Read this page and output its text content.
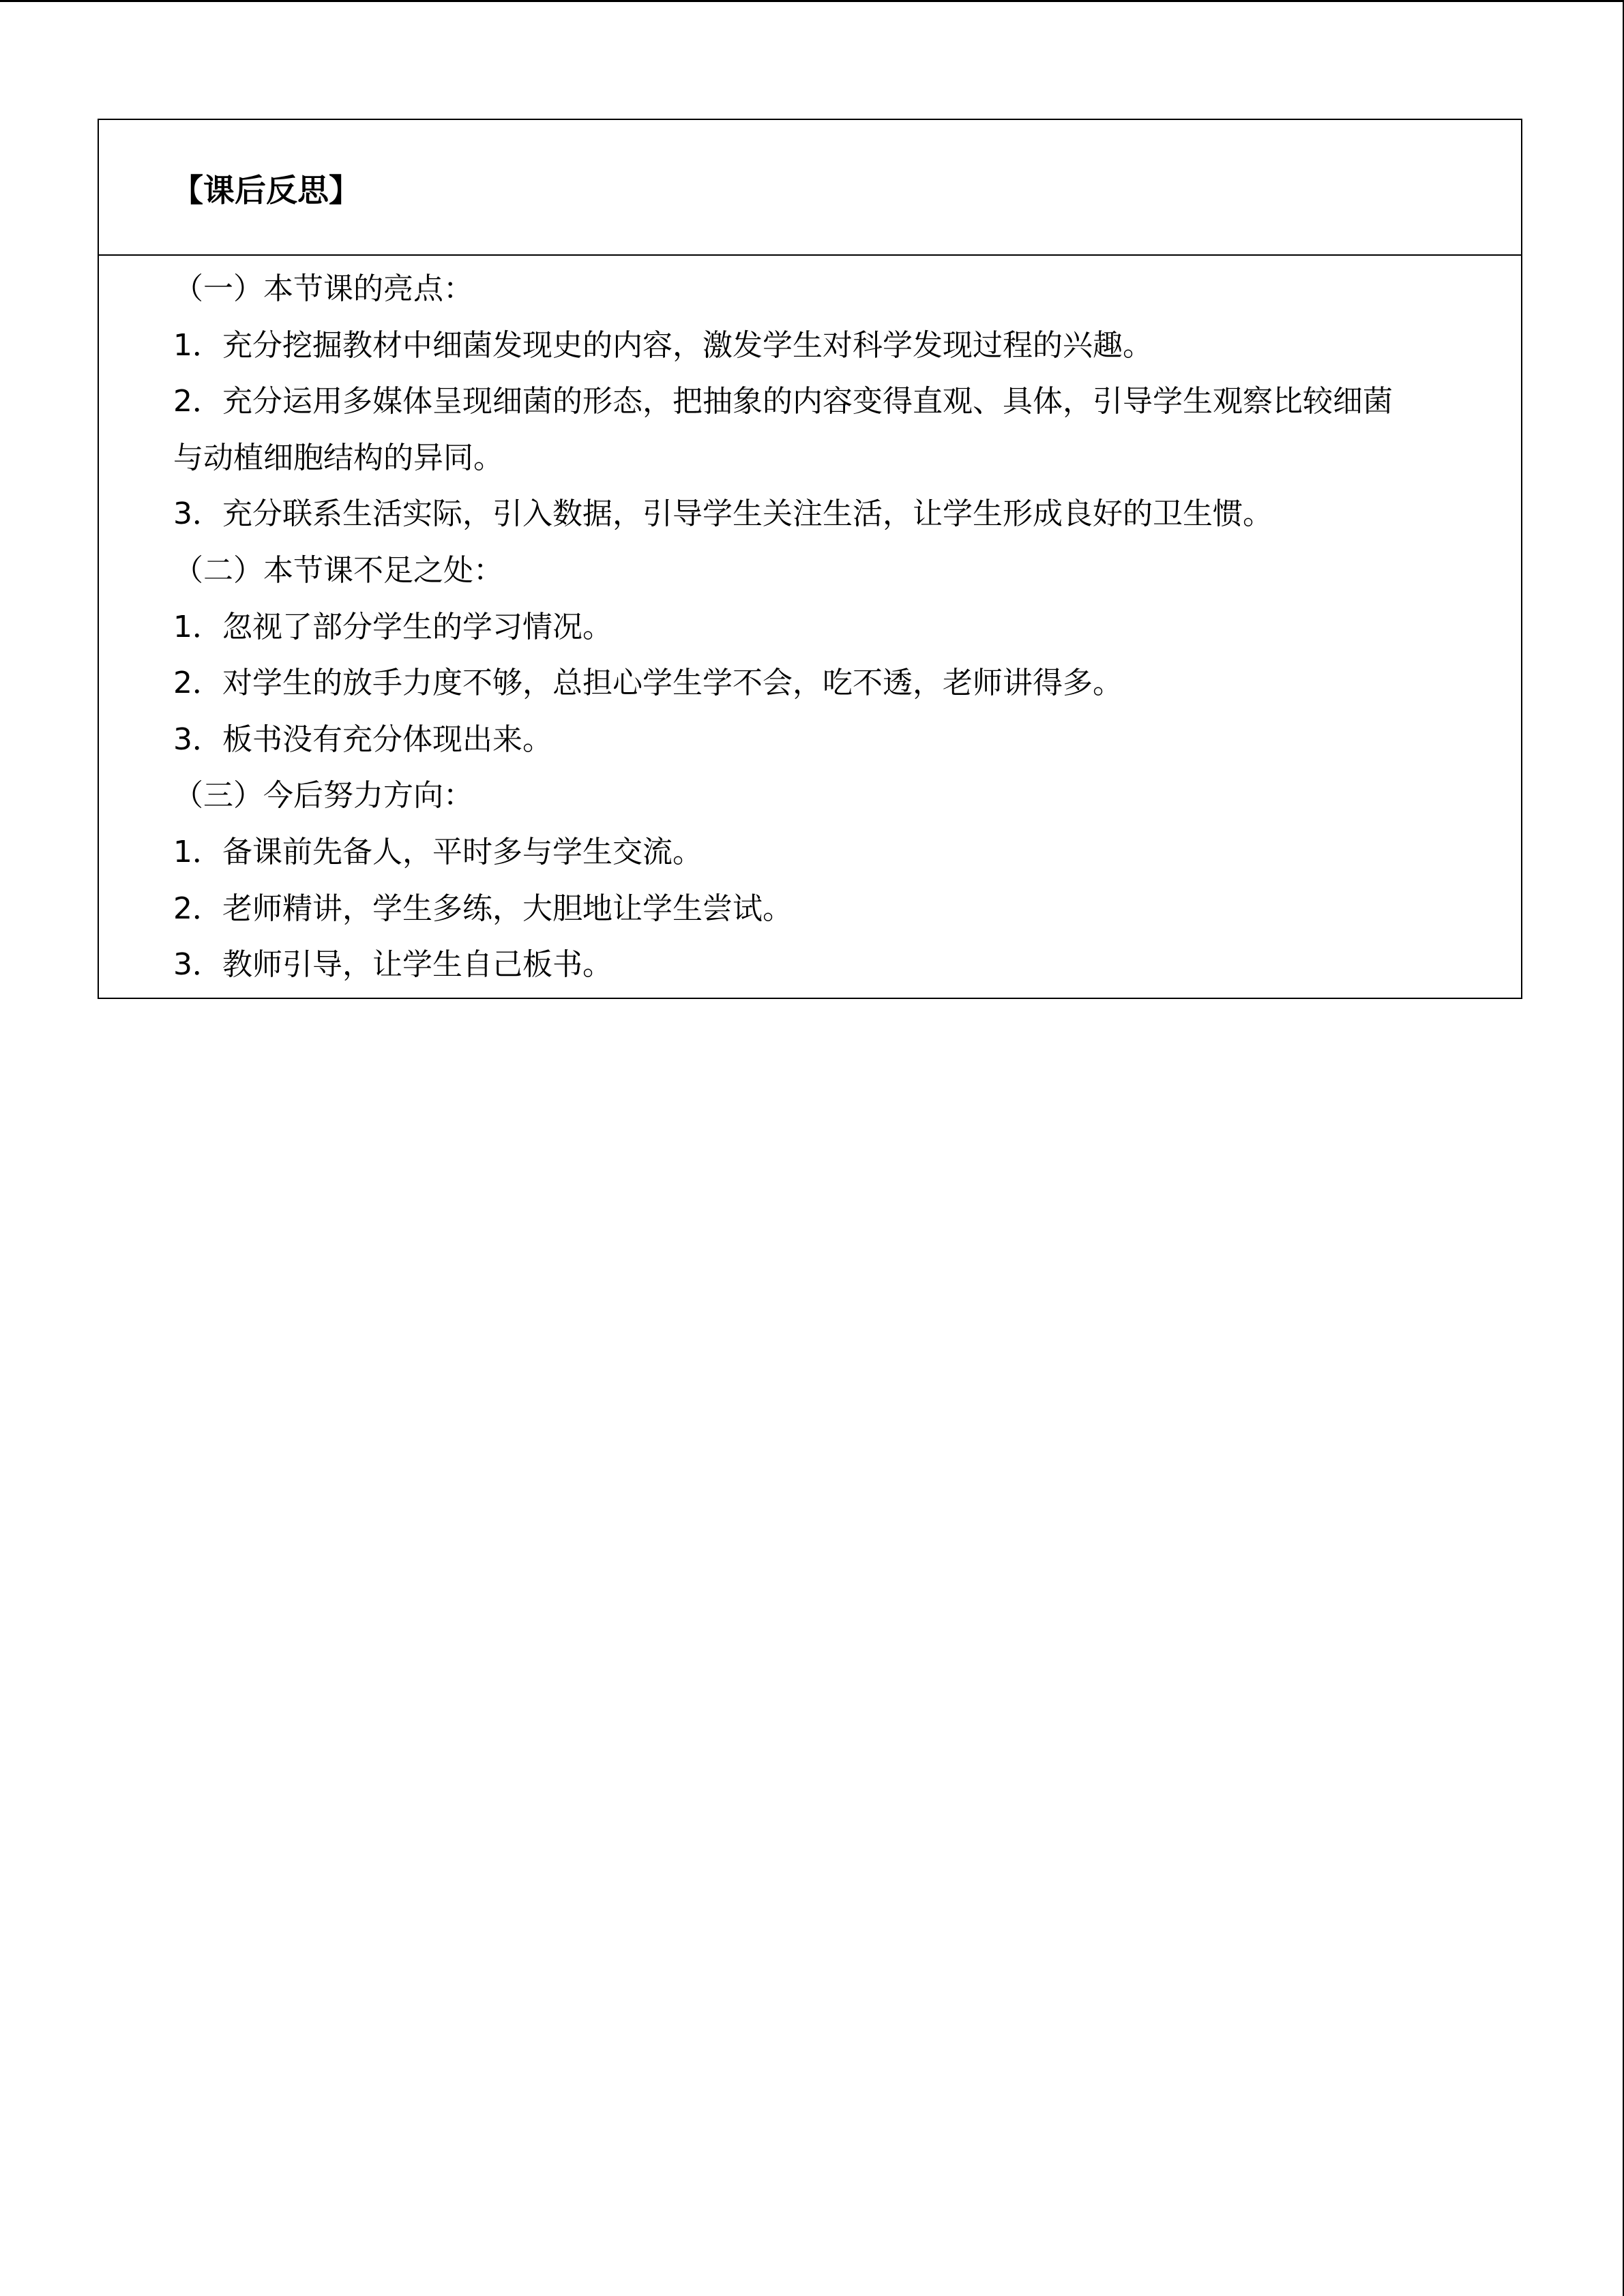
【课后反思】
（一）本节课的亮点：
1．充分挖掘教材中细菌发现史的内容，激发学生对科学发现过程的兴趣。
2．充分运用多媒体呈现细菌的形态，把抽象的内容变得直观、具体，引导学生观察比较细菌
与动植细胞结构的异同。
3．充分联系生活实际，引入数据，引导学生关注生活，让学生形成良好的卫生惯。
（二）本节课不足之处：
1．忽视了部分学生的学习情况。
2．对学生的放手力度不够，总担心学生学不会，吃不透，老师讲得多。
3．板书没有充分体现出来。
（三）今后努力方向：
1．备课前先备人，平时多与学生交流。
2．老师精讲，学生多练，大胆地让学生尝试。
3．教师引导，让学生自己板书。
